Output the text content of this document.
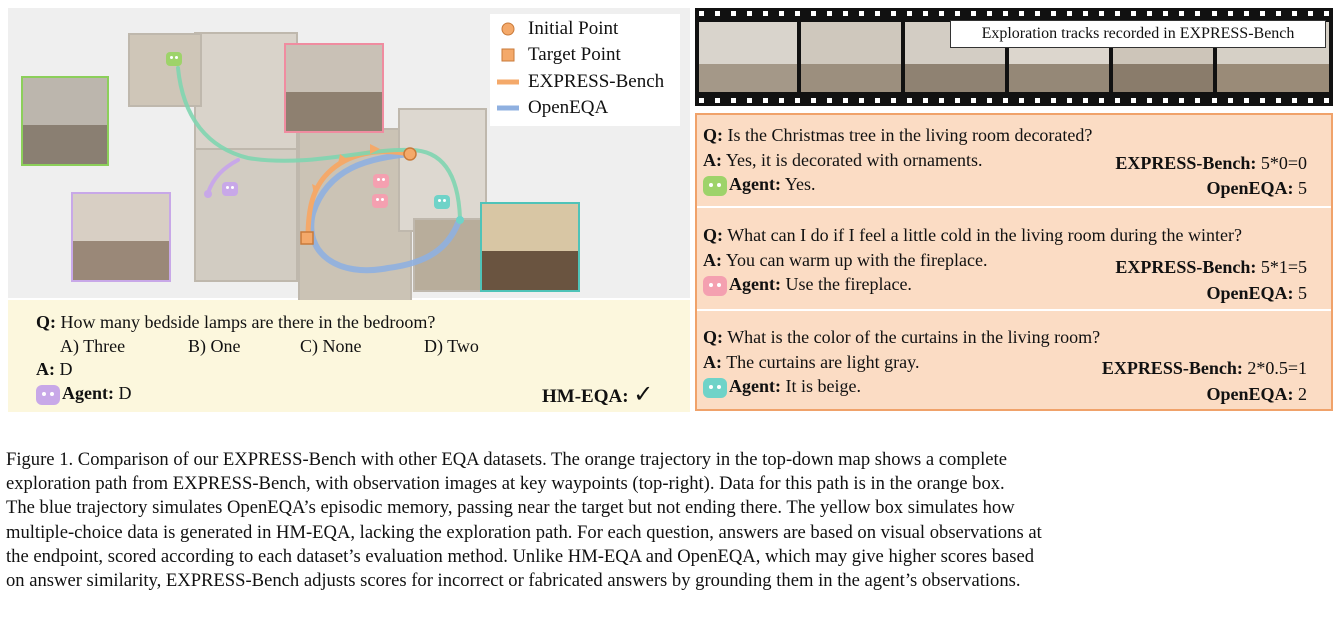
Initial Point
Target Point
EXPRESS-Bench
OpenEQA
Q: How many bedside lamps are there in the bedroom?
A) Three	B) One	C) None	D) Two
A: D
Agent: D	HM-EQA: ✓
Exploration tracks recorded in EXPRESS-Bench
Q: Is the Christmas tree in the living room decorated?
A: Yes, it is decorated with ornaments.
Agent: Yes.
EXPRESS-Bench: 5*0=0
OpenEQA: 5
Q: What can I do if I feel a little cold in the living room during the winter?
A: You can warm up with the fireplace.
Agent: Use the fireplace.
EXPRESS-Bench: 5*1=5
OpenEQA: 5
Q: What is the color of the curtains in the living room?
A: The curtains are light gray.
Agent: It is beige.
EXPRESS-Bench: 2*0.5=1
OpenEQA: 2
Figure 1. Comparison of our EXPRESS-Bench with other EQA datasets. The orange trajectory in the top-down map shows a complete
exploration path from EXPRESS-Bench, with observation images at key waypoints (top-right). Data for this path is in the orange box.
The blue trajectory simulates OpenEQA’s episodic memory, passing near the target but not ending there. The yellow box simulates how
multiple-choice data is generated in HM-EQA, lacking the exploration path. For each question, answers are based on visual observations at
the endpoint, scored according to each dataset’s evaluation method. Unlike HM-EQA and OpenEQA, which may give higher scores based
on answer similarity, EXPRESS-Bench adjusts scores for incorrect or fabricated answers by grounding them in the agent’s observations.
